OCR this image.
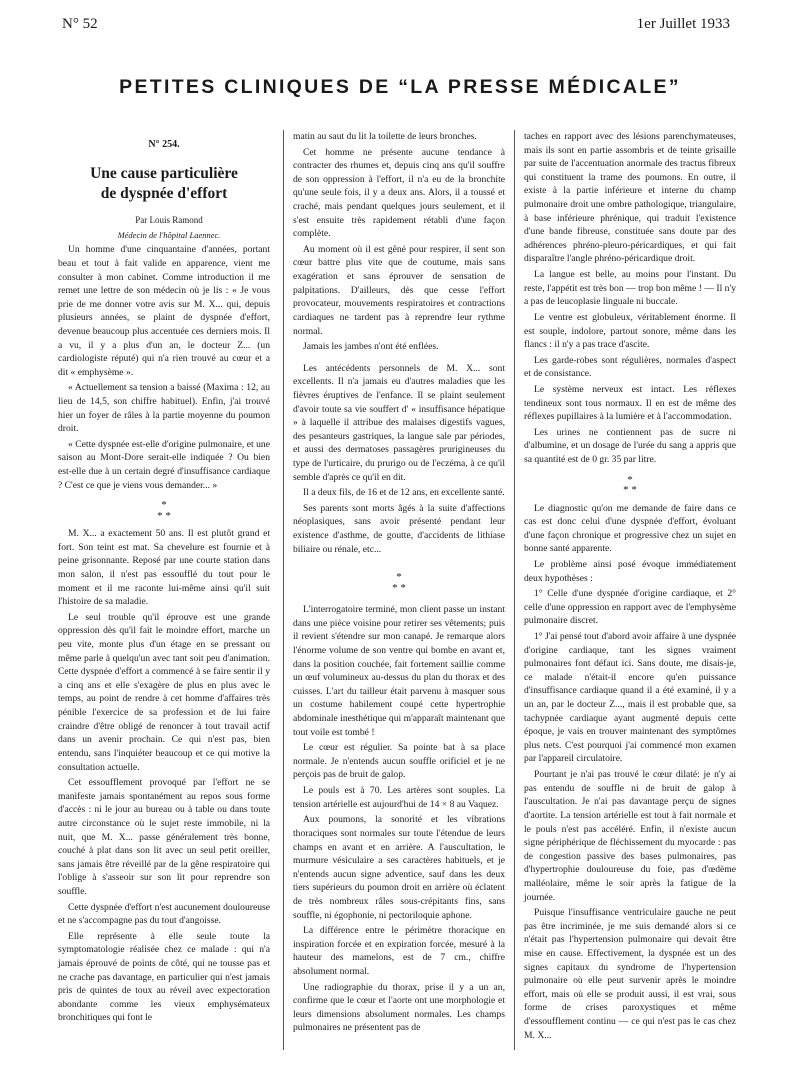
N° 52	1er Juillet 1933
PETITES CLINIQUES DE “LA PRESSE MÉDICALE”
N° 254.
Une cause particulière
de dyspnée d'effort

Par Louis Ramond

Médecin de l'hôpital Laennec.

Un homme d'une cinquantaine d'années, portant beau et tout à fait valide en apparence, vient me consulter à mon cabinet. Comme introduction il me remet une lettre de son médecin où je lis : « Je vous prie de me donner votre avis sur M. X... qui, depuis plusieurs années, se plaint de dyspnée d'effort, devenue beaucoup plus accentuée ces derniers mois. Il a vu, il y a plus d'un an, le docteur Z... (un cardiologiste réputé) qui n'a rien trouvé au cœur et a dit « emphysème ».

« Actuellement sa tension a baissé (Maxima : 12, au lieu de 14,5, son chiffre habituel). Enfin, j'ai trouvé hier un foyer de râles à la partie moyenne du poumon droit.

« Cette dyspnée est-elle d'origine pulmonaire, et une saison au Mont-Dore serait-elle indiquée ? Ou bien est-elle due à un certain degré d'insuffisance cardiaque ? C'est ce que je viens vous demander... »

*
* *

M. X... a exactement 50 ans. Il est plutôt grand et fort. Son teint est mat. Sa chevelure est fournie et à peine grisonnante. Reposé par une courte station dans mon salon, il n'est pas essoufflé du tout pour le moment et il me raconte lui-même ainsi qu'il suit l'histoire de sa maladie.

Le seul trouble qu'il éprouve est une grande oppression dès qu'il fait le moindre effort, marche un peu vite, monte plus d'un étage en se pressant ou même parle à quelqu'un avec tant soit peu d'animation. Cette dyspnée d'effort a commencé à se faire sentir il y a cinq ans et elle s'exagère de plus en plus avec le temps, au point de rendre à cet homme d'affaires très pénible l'exercice de sa profession et de lui faire craindre d'être obligé de renoncer à tout travail actif dans un avenir prochain. Ce qui n'est pas, bien entendu, sans l'inquiéter beaucoup et ce qui motive la consultation actuelle.

Cet essoufflement provoqué par l'effort ne se manifeste jamais spontanément au repos sous forme d'accès : ni le jour au bureau ou à table ou dans toute autre circonstance où le sujet reste immobile, ni la nuit, que M. X... passe généralement très bonne, couché à plat dans son lit avec un seul petit oreiller, sans jamais être réveillé par de la gêne respiratoire qui l'oblige à s'asseoir sur son lit pour reprendre son souffle.

Cette dyspnée d'effort n'est aucunement douloureuse et ne s'accompagne pas du tout d'angoisse.

Elle représente à elle seule toute la symptomatologie réalisée chez ce malade : qui n'a jamais éprouvé de points de côté, qui ne tousse pas et ne crache pas davantage, en particulier qui n'est jamais pris de quintes de toux au réveil avec expectoration abondante comme les vieux emphysémateux bronchitiques qui font le

matin au saut du lit la toilette de leurs bronches.

Cet homme ne présente aucune tendance à contracter des rhumes et, depuis cinq ans qu'il souffre de son oppression à l'effort, il n'a eu de la bronchite qu'une seule fois, il y a deux ans. Alors, il a toussé et craché, mais pendant quelques jours seulement, et il s'est ensuite très rapidement rétabli d'une façon complète.

Au moment où il est gêné pour respirer, il sent son cœur battre plus vite que de coutume, mais sans exagération et sans éprouver de sensation de palpitations. D'ailleurs, dès que cesse l'effort provocateur, mouvements respiratoires et contractions cardiaques ne tardent pas à reprendre leur rythme normal.

Jamais les jambes n'ont été enflées.

Les antécédents personnels de M. X... sont excellents. Il n'a jamais eu d'autres maladies que les fièvres éruptives de l'enfance. Il se plaint seulement d'avoir toute sa vie souffert d' « insuffisance hépatique » à laquelle il attribue des malaises digestifs vagues, des pesanteurs gastriques, la langue sale par périodes, et aussi des dermatoses passagères prurigineuses du type de l'urticaire, du prurigo ou de l'eczéma, à ce qu'il semble d'après ce qu'il en dit.

Il a deux fils, de 16 et de 12 ans, en excellente santé.

Ses parents sont morts âgés à la suite d'affections néoplasiques, sans avoir présenté pendant leur existence d'asthme, de goutte, d'accidents de lithiase biliaire ou rénale, etc...

*
* *

L'interrogatoire terminé, mon client passe un instant dans une pièce voisine pour retirer ses vêtements; puis il revient s'étendre sur mon canapé. Je remarque alors l'énorme volume de son ventre qui bombe en avant et, dans la position couchée, fait fortement saillie comme un œuf volumineux au-dessus du plan du thorax et des cuisses. L'art du tailleur était parvenu à masquer sous un costume habilement coupé cette hypertrophie abdominale inesthétique qui m'apparaît maintenant que tout voile est tombé !

Le cœur est régulier. Sa pointe bat à sa place normale. Je n'entends aucun souffle orificiel et je ne perçois pas de bruit de galop.

Le pouls est à 70. Les artères sont souples. La tension artérielle est aujourd'hui de 14 × 8 au Vaquez.

Aux poumons, la sonorité et les vibrations thoraciques sont normales sur toute l'étendue de leurs champs en avant et en arrière. A l'auscultation, le murmure vésiculaire a ses caractères habituels, et je n'entends aucun signe adventice, sauf dans les deux tiers supérieurs du poumon droit en arrière où éclatent de très nombreux râles sous-crépitants fins, sans souffle, ni égophonie, ni pectoriloquie aphone.

La différence entre le périmètre thoracique en inspiration forcée et en expiration forcée, mesuré à la hauteur des mamelons, est de 7 cm., chiffre absolument normal.

Une radiographie du thorax, prise il y a un an, confirme que le cœur et l'aorte ont une morphologie et leurs dimensions absolument normales. Les champs pulmonaires ne présentent pas de

taches en rapport avec des lésions parenchymateuses, mais ils sont en partie assombris et de teinte grisaille par suite de l'accentuation anormale des tractus fibreux qui constituent la trame des poumons. En outre, il existe à la partie inférieure et interne du champ pulmonaire droit une ombre pathologique, triangulaire, à base inférieure phrénique, qui traduit l'existence d'une bande fibreuse, constituée sans doute par des adhérences phréno-pleuro-péricardiques, et qui fait disparaître l'angle phréno-péricardique droit.

La langue est belle, au moins pour l'instant. Du reste, l'appétit est très bon — trop bon même ! — Il n'y a pas de leucoplasie linguale ni buccale.

Le ventre est globuleux, véritablement énorme. Il est souple, indolore, partout sonore, même dans les flancs : il n'y a pas trace d'ascite.

Les garde-robes sont régulières, normales d'aspect et de consistance.

Le système nerveux est intact. Les réflexes tendineux sont tous normaux. Il en est de même des réflexes pupillaires à la lumière et à l'accommodation.

Les urines ne contiennent pas de sucre ni d'albumine, et un dosage de l'urée du sang a appris que sa quantité est de 0 gr. 35 par litre.

*
* *

Le diagnostic qu'on me demande de faire dans ce cas est donc celui d'une dyspnée d'effort, évoluant d'une façon chronique et progressive chez un sujet en bonne santé apparente.

Le problème ainsi posé évoque immédiatement deux hypothèses :

1° Celle d'une dyspnée d'origine cardiaque, et 2° celle d'une oppression en rapport avec de l'emphysème pulmonaire discret.

1° J'ai pensé tout d'abord avoir affaire à une dyspnée d'origine cardiaque, tant les signes vraiment pulmonaires font défaut ici. Sans doute, me disais-je, ce malade n'était-il encore qu'en puissance d'insuffisance cardiaque quand il a été examiné, il y a un an, par le docteur Z..., mais il est probable que, sa tachypnée cardiaque ayant augmenté depuis cette époque, je vais en trouver maintenant des symptômes plus nets. C'est pourquoi j'ai commencé mon examen par l'appareil circulatoire.

Pourtant je n'ai pas trouvé le cœur dilaté: je n'y ai pas entendu de souffle ni de bruit de galop à l'auscultation. Je n'ai pas davantage perçu de signes d'aortite. La tension artérielle est tout à fait normale et le pouls n'est pas accéléré. Enfin, il n'existe aucun signe périphérique de fléchissement du myocarde : pas de congestion passive des bases pulmonaires, pas d'hypertrophie douloureuse du foie, pas d'œdème malléolaire, même le soir après la fatigue de la journée.

Puisque l'insuffisance ventriculaire gauche ne peut pas être incriminée, je me suis demandé alors si ce n'était pas l'hypertension pulmonaire qui devait être mise en cause. Effectivement, la dyspnée est un des signes capitaux du syndrome de l'hypertension pulmonaire où elle peut survenir après le moindre effort, mais où elle se produit aussi, il est vrai, sous forme de crises paroxystiques et même d'essoufflement continu — ce qui n'est pas le cas chez M. X...
